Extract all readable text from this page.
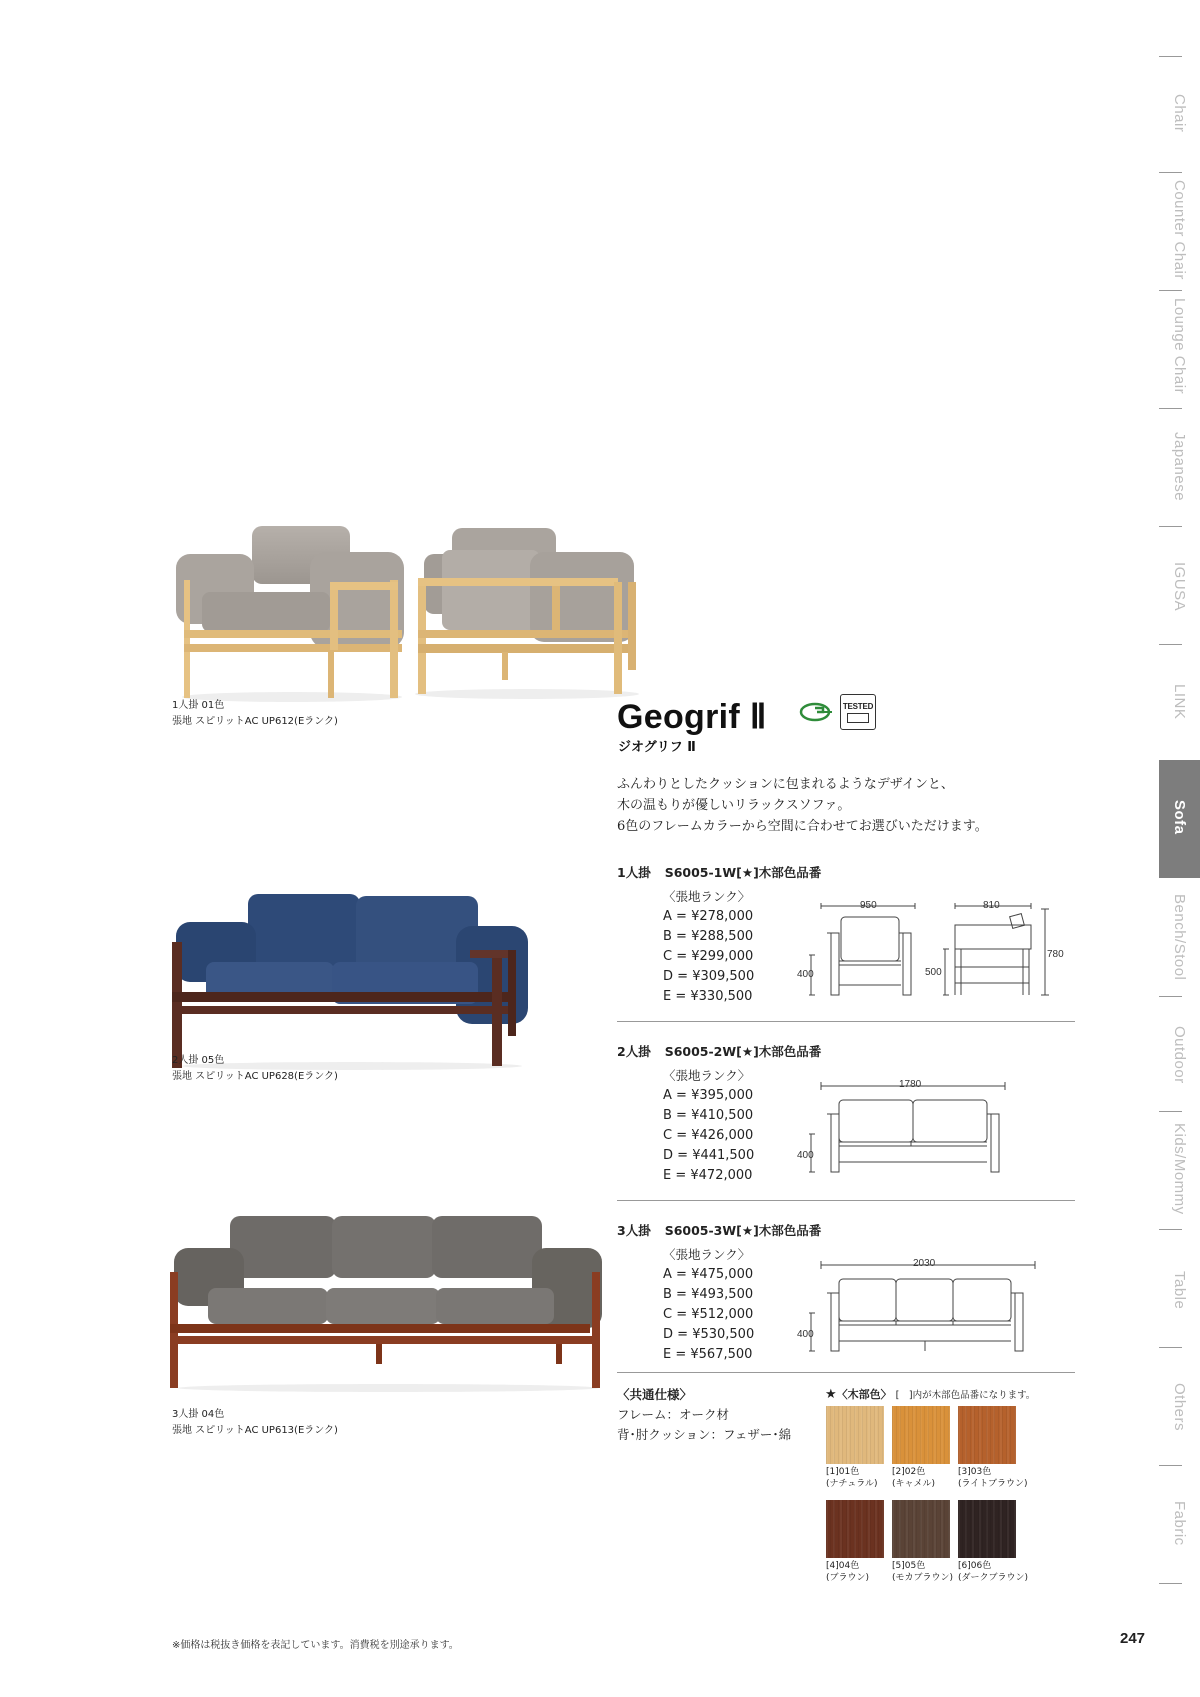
Chair
Counter Chair
Lounge Chair
Japanese
IGUSA
LINK
Sofa
Bench/Stool
Outdoor
Kids/Mommy
Table
Others
Fabric
1人掛 01色
張地 スピリットAC UP612(Eランク)
2人掛 05色
張地 スピリットAC UP628(Eランク)
3人掛 04色
張地 スピリットAC UP613(Eランク)
Geogrif Ⅱ
ジオグリフ Ⅱ
TESTED

ふんわりとしたクッションに包まれるようなデザインと、

木の温もりが優しいリラックスソファ。

6色のフレームカラーから空間に合わせてお選びいただけます。

1人掛 S6005-1W[★]木部色品番
〈張地ランク〉
A = ¥278,000
B = ¥288,500
C = ¥299,000
D = ¥309,500
E = ¥330,500
950	810
400	500
780
2人掛 S6005-2W[★]木部色品番
〈張地ランク〉
A = ¥395,000
B = ¥410,500
C = ¥426,000
D = ¥441,500
E = ¥472,000
1780
400
3人掛 S6005-3W[★]木部色品番
〈張地ランク〉
A = ¥475,000
B = ¥493,500
C = ¥512,000
D = ¥530,500
E = ¥567,500
2030
400
〈共通仕様〉
フレーム：オーク材
背･肘クッション：フェザー･綿
★〈木部色〉 [　]内が木部色品番になります。
[1]01色
(ナチュラル)
[2]02色
(キャメル)
[3]03色
(ライトブラウン)
[4]04色
(ブラウン)
[5]05色
(モカブラウン)
[6]06色
(ダークブラウン)
※価格は税抜き価格を表記しています。消費税を別途承ります。	247
